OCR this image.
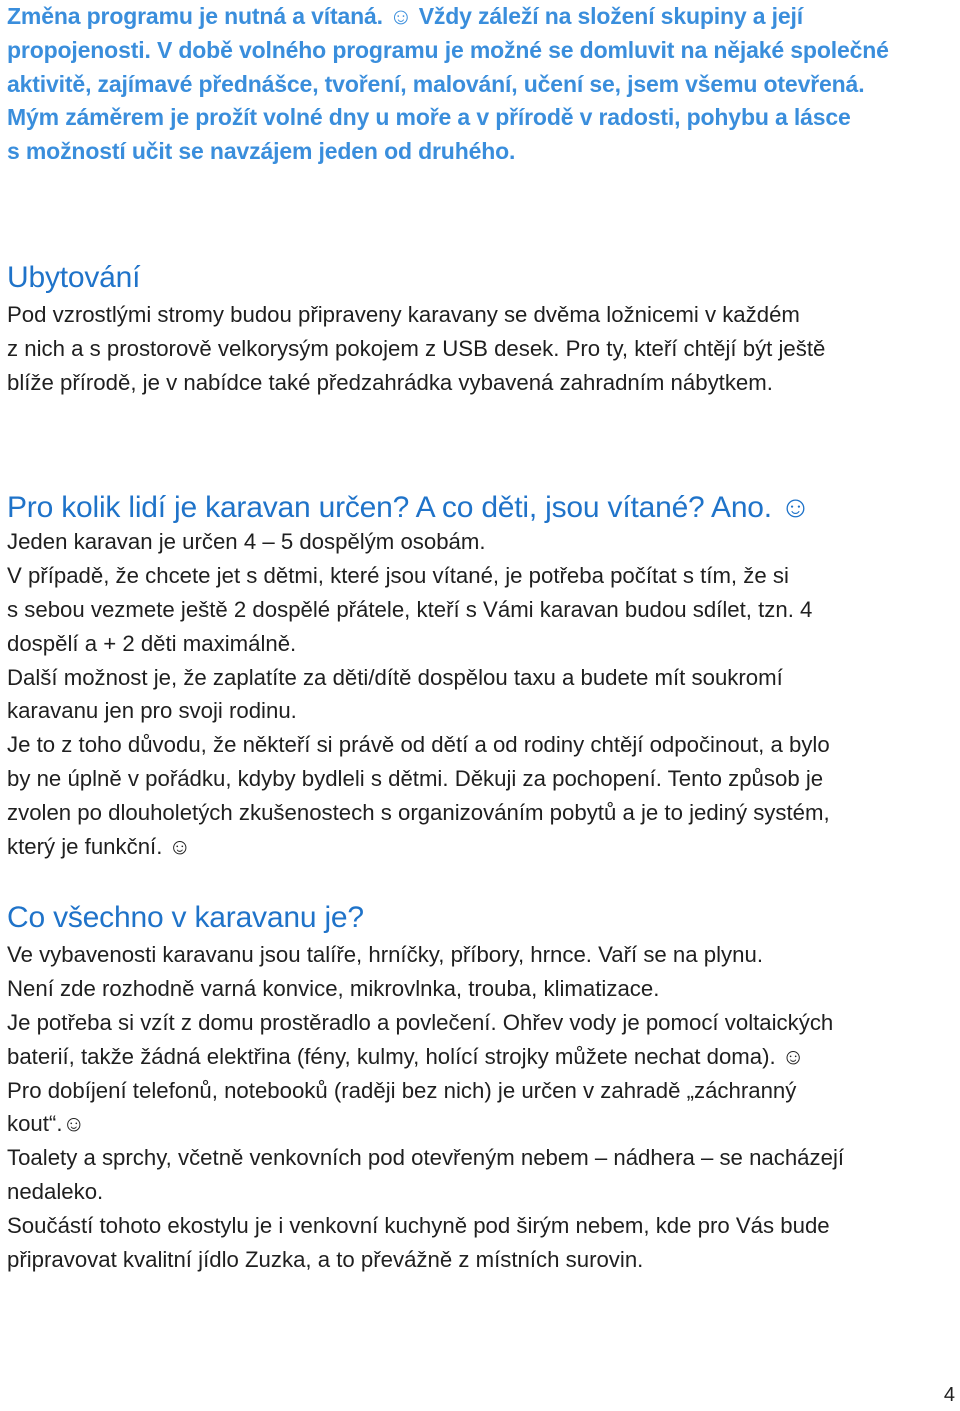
Změna programu je nutná a vítaná. ☺ Vždy záleží na složení skupiny a její
propojenosti. V době volného programu je možné se domluvit na nějaké společné
aktivitě, zajímavé přednášce, tvoření, malování, učení se, jsem všemu otevřená.
Mým záměrem je prožít volné dny u moře a v přírodě v radosti, pohybu a lásce
s možností učit se navzájem jeden od druhého.

Ubytování

Pod vzrostlými stromy budou připraveny karavany se dvěma ložnicemi v každém
z nich a s prostorově velkorysým pokojem z USB desek. Pro ty, kteří chtějí být ještě
blíže přírodě, je v nabídce také předzahrádka vybavená zahradním nábytkem.

Pro kolik lidí je karavan určen? A co děti, jsou vítané? Ano. ☺

Jeden karavan je určen 4 – 5 dospělým osobám.
V případě, že chcete jet s dětmi, které jsou vítané, je potřeba počítat s tím, že si
s sebou vezmete ještě 2 dospělé přátele, kteří s Vámi karavan budou sdílet, tzn. 4
dospělí a + 2 děti maximálně.
Další možnost je, že zaplatíte za děti/dítě dospělou taxu a budete mít soukromí
karavanu jen pro svoji rodinu.
Je to z toho důvodu, že někteří si právě od dětí a od rodiny chtějí odpočinout, a bylo
by ne úplně v pořádku, kdyby bydleli s dětmi. Děkuji za pochopení. Tento způsob je
zvolen po dlouholetých zkušenostech s organizováním pobytů a je to jediný systém,
který je funkční. ☺

Co všechno v karavanu je?

Ve vybavenosti karavanu jsou talíře, hrníčky, příbory, hrnce. Vaří se na plynu.
Není zde rozhodně varná konvice, mikrovlnka, trouba, klimatizace.
Je potřeba si vzít z domu prostěradlo a povlečení. Ohřev vody je pomocí voltaických
baterií, takže žádná elektřina (fény, kulmy, holící strojky můžete nechat doma). ☺
Pro dobíjení telefonů, notebooků (raději bez nich) je určen v zahradě „záchranný
kout“.☺
Toalety a sprchy, včetně venkovních pod otevřeným nebem – nádhera – se nacházejí
nedaleko.
Součástí tohoto ekostylu je i venkovní kuchyně pod širým nebem, kde pro Vás bude
připravovat kvalitní jídlo Zuzka, a to převážně z místních surovin.

4
